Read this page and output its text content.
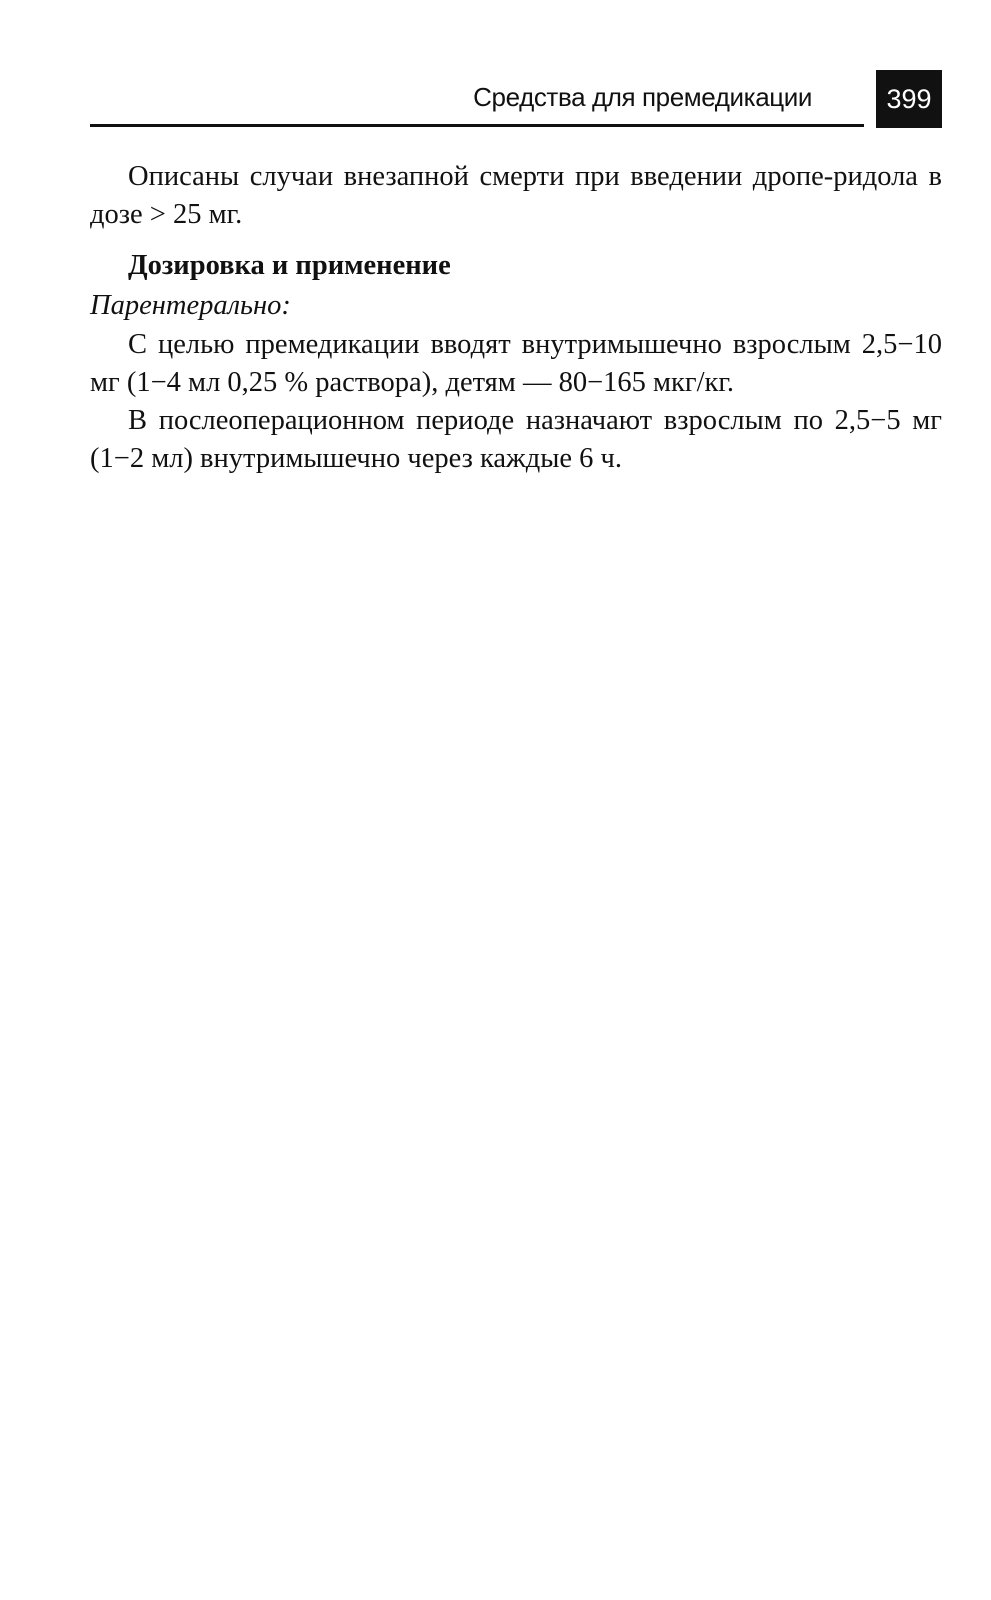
Средства для премедикации	399

Описаны случаи внезапной смерти при введении дропе-ридола в дозе > 25 мг.

Дозировка и применение

Парентерально:

С целью премедикации вводят внутримышечно взрослым 2,5−10 мг (1−4 мл 0,25 % раствора), детям — 80−165 мкг/кг.

В послеоперационном периоде назначают взрослым по 2,5−5 мг (1−2 мл) внутримышечно через каждые 6 ч.
